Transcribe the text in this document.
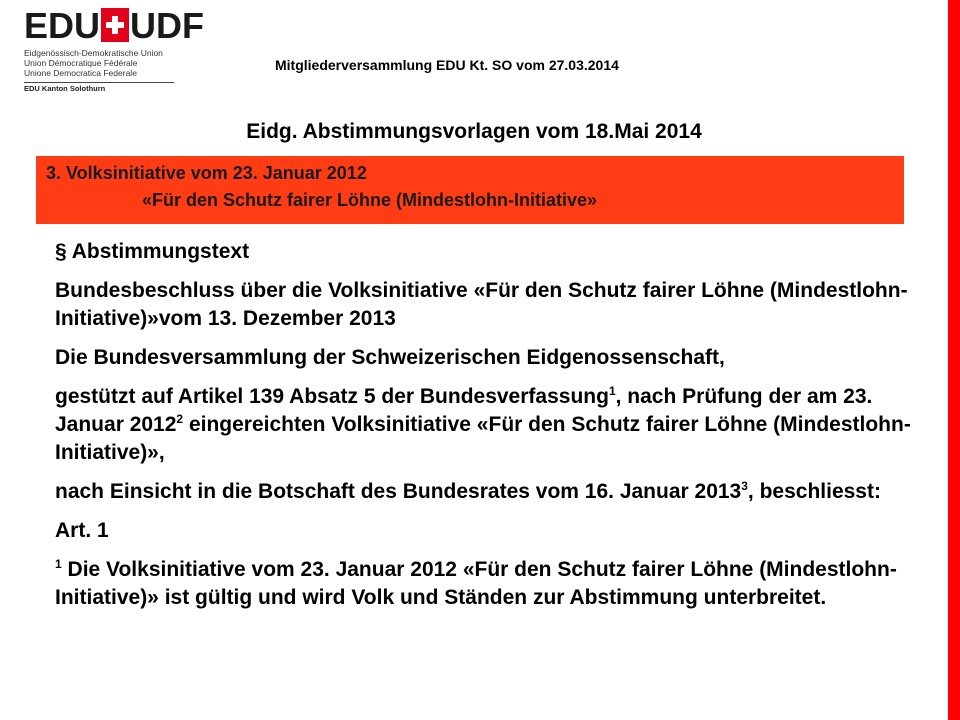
EDU UDF
Eidgenössisch-Demokratische Union
Union Démocratique Fédérale
Unione Democratica Federale
EDU Kanton Solothurn
Mitgliederversammlung EDU Kt. SO vom 27.03.2014
Eidg. Abstimmungsvorlagen vom 18.Mai 2014
3. Volksinitiative vom 23. Januar 2012
«Für den Schutz fairer Löhne (Mindestlohn-Initiative»

§ Abstimmungstext

Bundesbeschluss über die Volksinitiative «Für den Schutz fairer Löhne (Mindestlohn-Initiative)»vom 13. Dezember 2013

Die Bundesversammlung der Schweizerischen Eidgenossenschaft,

gestützt auf Artikel 139 Absatz 5 der Bundesverfassung$^1$, nach Prüfung der am 23. Januar 2012$^2$ eingereichten Volksinitiative «Für den Schutz fairer Löhne (Mindestlohn-Initiative)»,

nach Einsicht in die Botschaft des Bundesrates vom 16. Januar 2013$^3$, beschliesst:

Art. 1

$^1$ Die Volksinitiative vom 23. Januar 2012 «Für den Schutz fairer Löhne (Mindestlohn-Initiative)» ist gültig und wird Volk und Ständen zur Abstimmung unterbreitet.
